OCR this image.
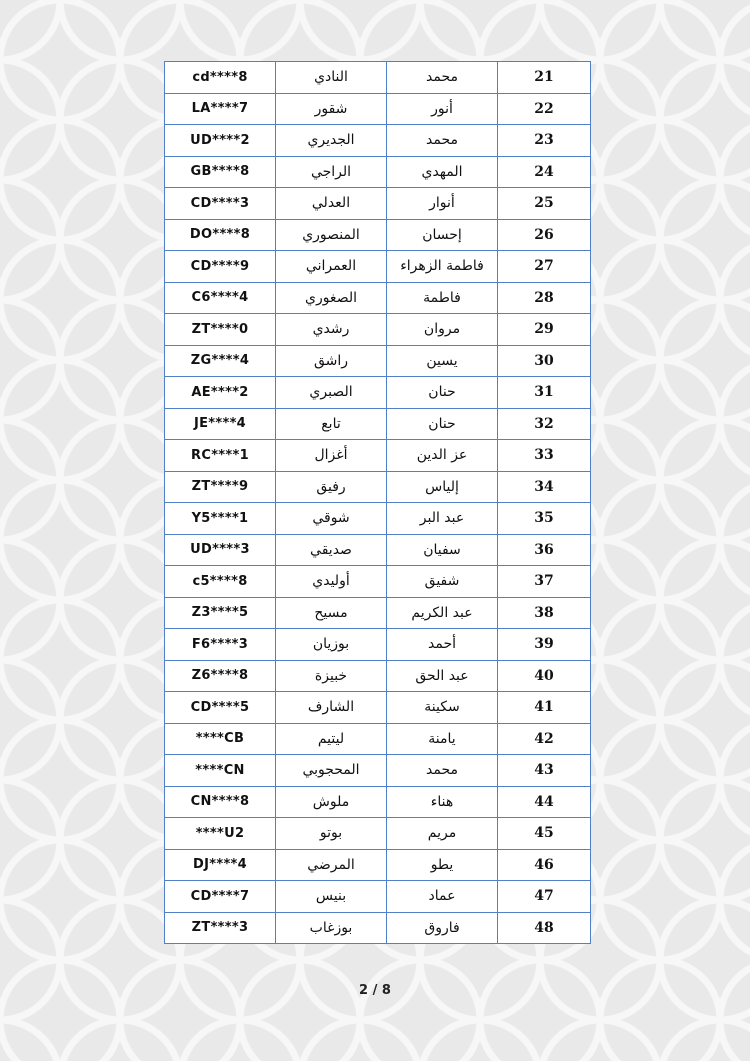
21	محمد	النادي	cd****8
22	أنور	شقور	LA****7
23	محمد	الجديري	UD****2
24	المهدي	الراجي	GB****8
25	أنوار	العدلي	CD****3
26	إحسان	المنصوري	DO****8
27	فاطمة الزهراء	العمراني	CD****9
28	فاطمة	الصغوري	C6****4
29	مروان	رشدي	ZT****0
30	يسين	راشق	ZG****4
31	حنان	الصبري	AE****2
32	حنان	تابع	JE****4
33	عز الدين	أغزال	RC****1
34	إلياس	رفيق	ZT****9
35	عبد البر	شوقي	Y5****1
36	سفيان	صديقي	UD****3
37	شفيق	أوليدي	c5****8
38	عبد الكريم	مسيح	Z3****5
39	أحمد	بوزيان	F6****3
40	عبد الحق	خبيزة	Z6****8
41	سكينة	الشارف	CD****5
42	يامنة	ليتيم	CB****
43	محمد	المحجوبي	CN****
44	هناء	ملوش	CN****8
45	مريم	بوتو	U2****
46	يطو	المرضي	DJ****4
47	عماد	بنيس	CD****7
48	فاروق	بوزغاب	ZT****3
2 / 8
